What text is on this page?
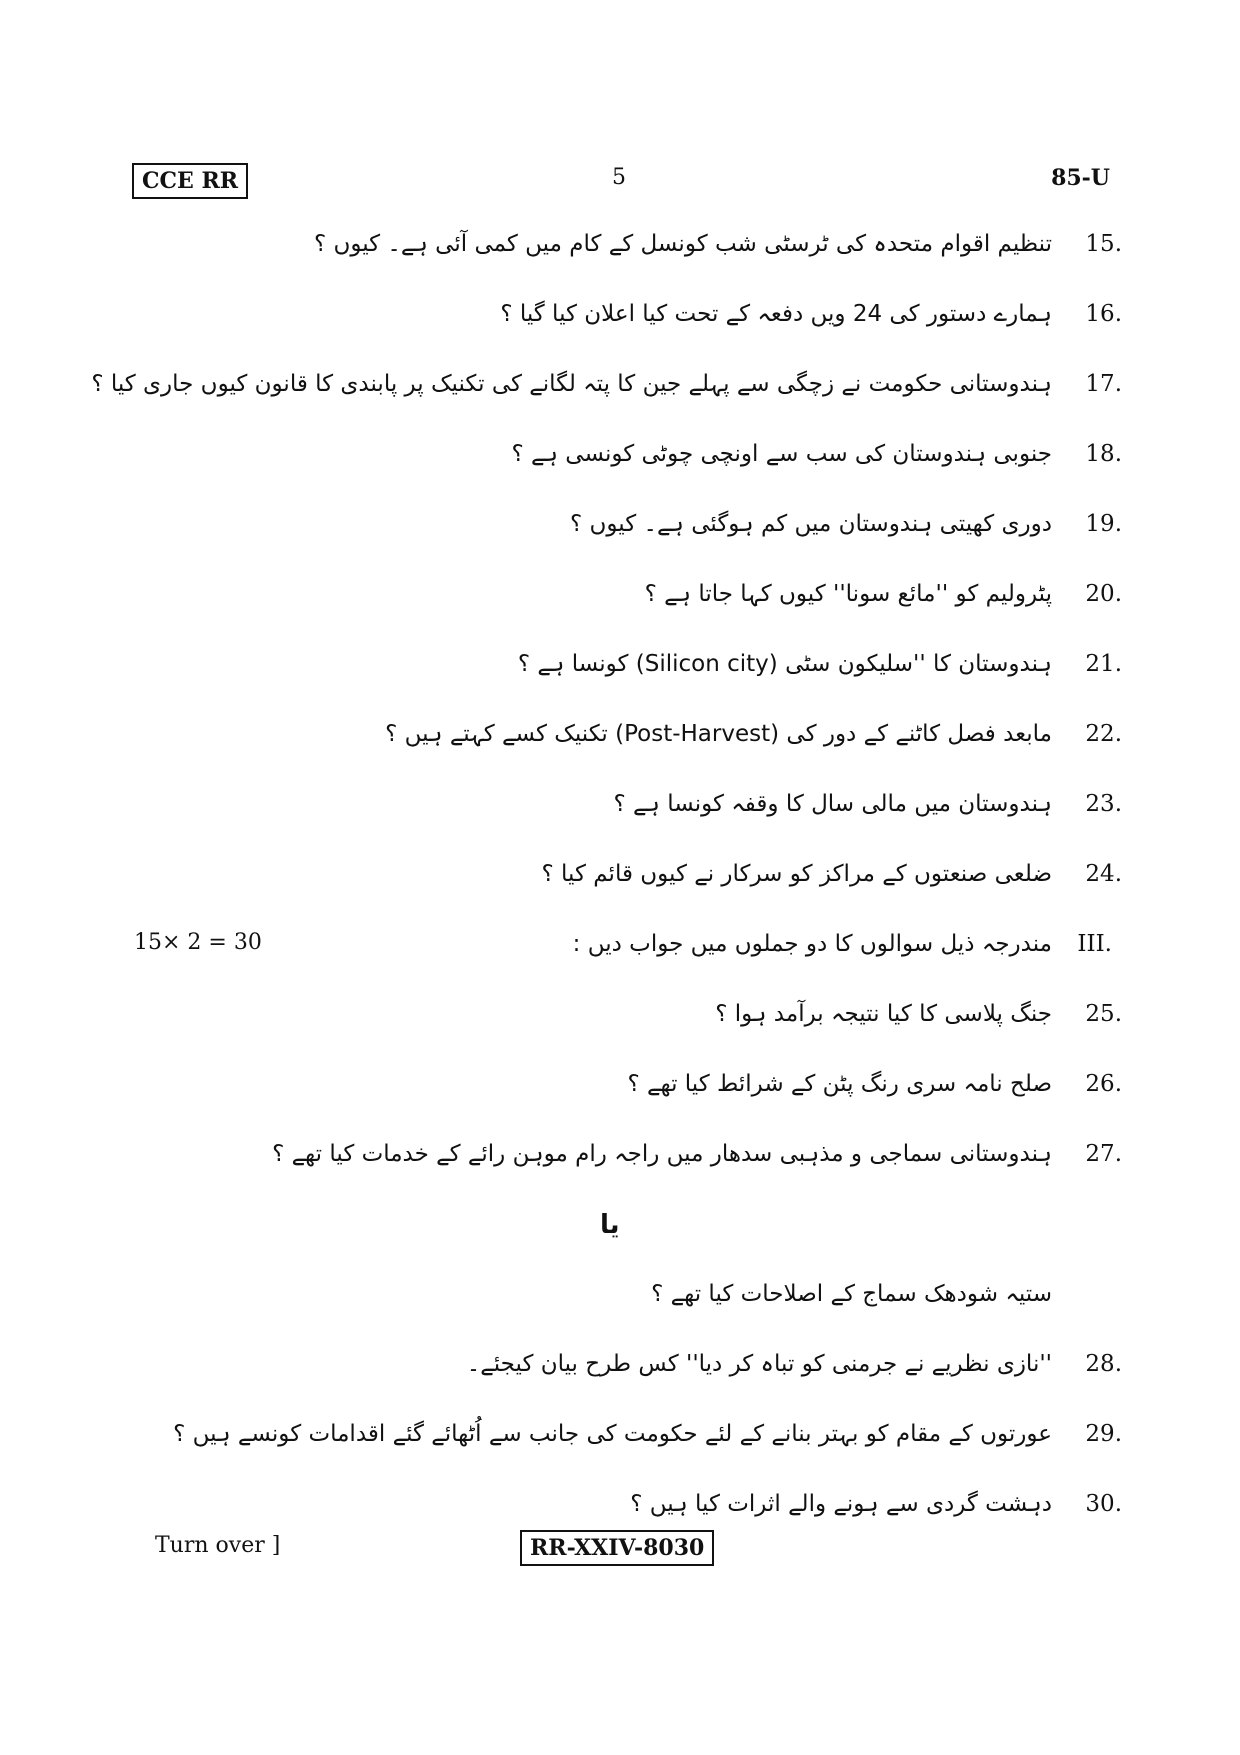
CCE RR	5	85-U
15.
تنظیم اقوام متحدہ کی ٹرسٹی شب کونسل کے کام میں کمی آئی ہے۔ کیوں ؟
16.
ہمارے دستور کی 24 ویں دفعہ کے تحت کیا اعلان کیا گیا ؟
17.
ہندوستانی حکومت نے زچگی سے پہلے جین کا پتہ لگانے کی تکنیک پر پابندی کا قانون کیوں جاری کیا ؟
18.
جنوبی ہندوستان کی سب سے اونچی چوٹی کونسی ہے ؟
19.
دوری کھیتی ہندوستان میں کم ہوگئی ہے۔ کیوں ؟
20.
پٹرولیم کو ''مائع سونا'' کیوں کہا جاتا ہے ؟
21.
ہندوستان کا ''سلیکون سٹی (Silicon city) کونسا ہے ؟
22.
مابعد فصل کاٹنے کے دور کی (Post-Harvest) تکنیک کسے کہتے ہیں ؟
23.
ہندوستان میں مالی سال کا وقفہ کونسا ہے ؟
24.
ضلعی صنعتوں کے مراکز کو سرکار نے کیوں قائم کیا ؟
15× 2 = 30	مندرجہ ذیل سوالوں کا دو جملوں میں جواب دیں :	III.
25.
جنگ پلاسی کا کیا نتیجہ برآمد ہوا ؟
26.
صلح نامہ سری رنگ پٹن کے شرائط کیا تھے ؟
27.
ہندوستانی سماجی و مذہبی سدھار میں راجہ رام موہن رائے کے خدمات کیا تھے ؟
یا
ستیہ شودھک سماج کے اصلاحات کیا تھے ؟
28.
''نازی نظریے نے جرمنی کو تباہ کر دیا'' کس طرح بیان کیجئے۔
29.
عورتوں کے مقام کو بہتر بنانے کے لئے حکومت کی جانب سے اُٹھائے گئے اقدامات کونسے ہیں ؟
30.
دہشت گردی سے ہونے والے اثرات کیا ہیں ؟
Turn over ]	RR-XXIV-8030
